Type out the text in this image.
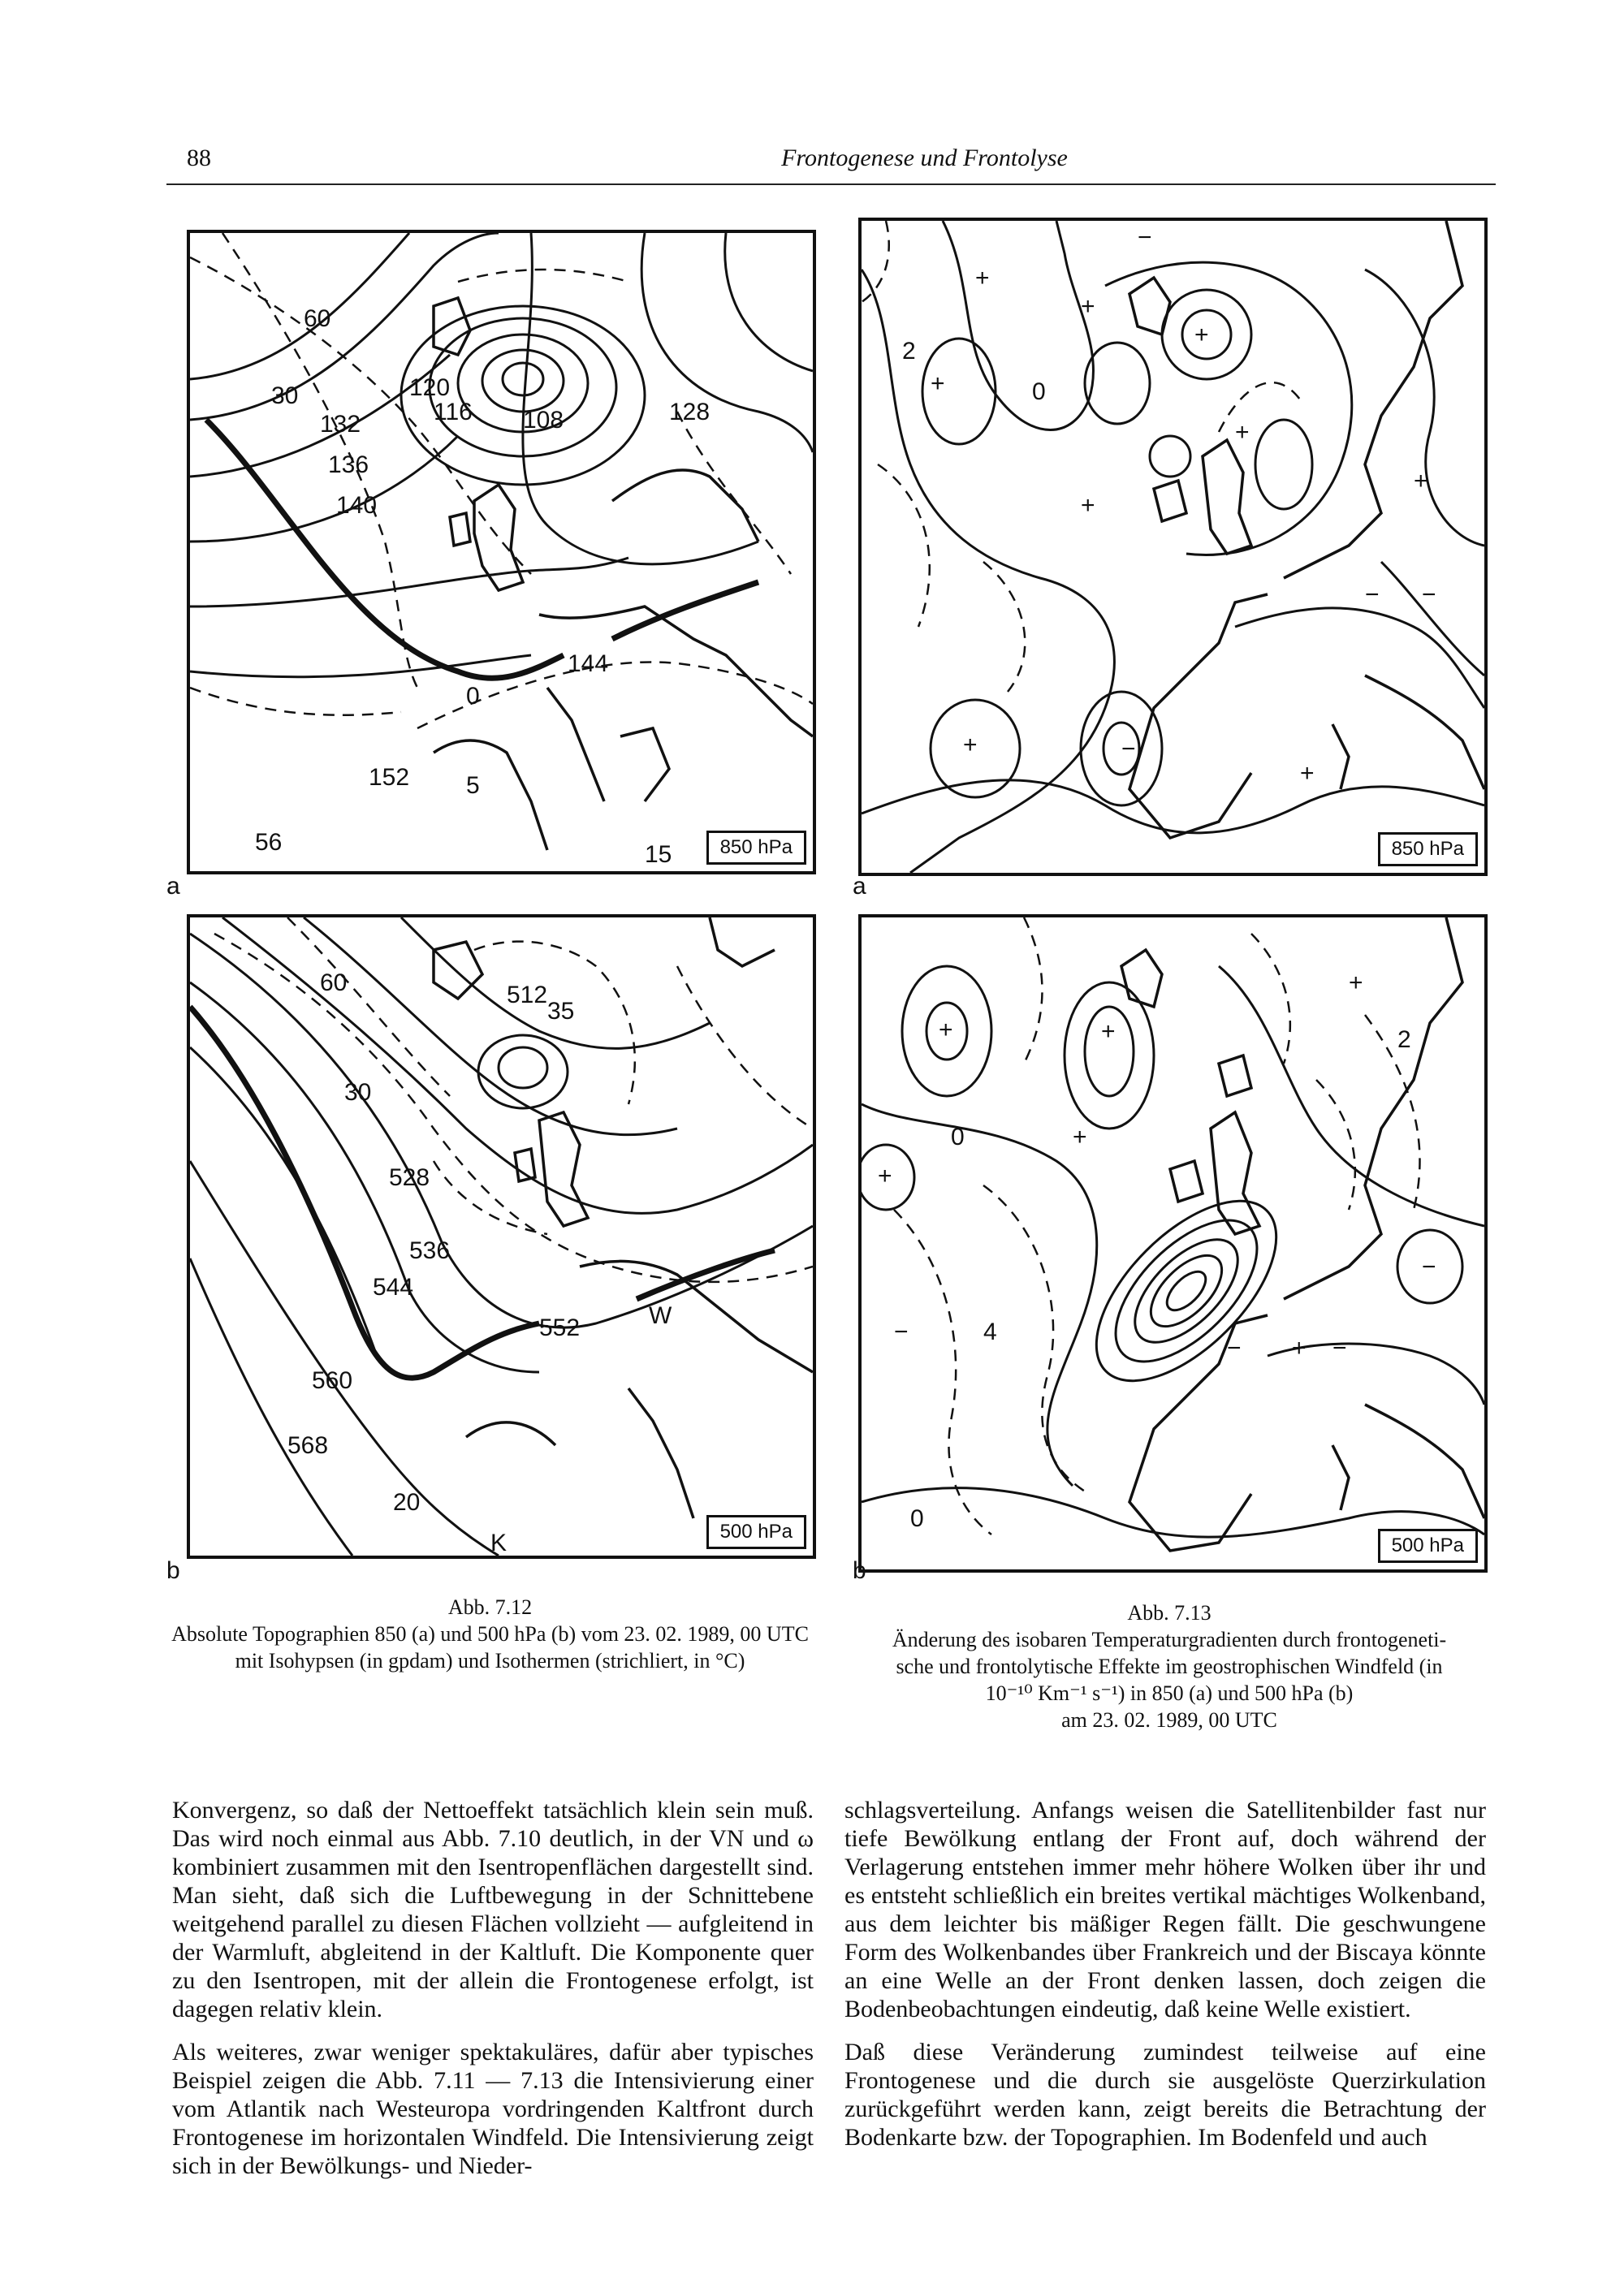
88	Frontogenese und Frontolyse
60
30
132
136
140
116
120
128
108
144
0
5
152
56	15	850 hPa
a
512
60
30
35
528
536
544
552	W
560
568
20
K	500 hPa
b
2
0
+
−
+
+
+
+
+
+	−
−
−
+
+
850 hPa
a
0
0
4
2
+	+
+
+
+
+
−
−	−
−
500 hPa
b
Abb. 7.12
Absolute Topographien 850 (a) und 500 hPa (b) vom 23. 02. 1989, 00 UTC mit Isohypsen (in gpdam) und Isothermen (strichliert, in °C)
Abb. 7.13
Änderung des isobaren Temperaturgradienten durch frontogeneti-
sche und frontolytische Effekte im geostrophischen Windfeld (in
10⁻¹⁰ Km⁻¹ s⁻¹) in 850 (a) und 500 hPa (b)
am 23. 02. 1989, 00 UTC

Konvergenz, so daß der Nettoeffekt tatsächlich klein sein muß. Das wird noch einmal aus Abb. 7.10 deutlich, in der VN und ω kombiniert zusammen mit den Isentropenflächen dargestellt sind. Man sieht, daß sich die Luftbewegung in der Schnittebene weitgehend parallel zu diesen Flächen vollzieht — aufgleitend in der Warmluft, abgleitend in der Kaltluft. Die Komponente quer zu den Isentropen, mit der allein die Frontogenese erfolgt, ist dagegen relativ klein.

Als weiteres, zwar weniger spektakuläres, dafür aber typisches Beispiel zeigen die Abb. 7.11 — 7.13 die Intensivierung einer vom Atlantik nach Westeuropa vordringenden Kaltfront durch Frontogenese im horizontalen Windfeld. Die Intensivierung zeigt sich in der Bewölkungs- und Nieder-

schlagsverteilung. Anfangs weisen die Satellitenbilder fast nur tiefe Bewölkung entlang der Front auf, doch während der Verlagerung entstehen immer mehr höhere Wolken über ihr und es entsteht schließlich ein breites vertikal mächtiges Wolkenband, aus dem leichter bis mäßiger Regen fällt. Die geschwungene Form des Wolkenbandes über Frankreich und der Biscaya könnte an eine Welle an der Front denken lassen, doch zeigen die Bodenbeobachtungen eindeutig, daß keine Welle existiert.

Daß diese Veränderung zumindest teilweise auf eine Frontogenese und die durch sie ausgelöste Querzirkulation zurückgeführt werden kann, zeigt bereits die Betrachtung der Bodenkarte bzw. der Topographien. Im Bodenfeld und auch
